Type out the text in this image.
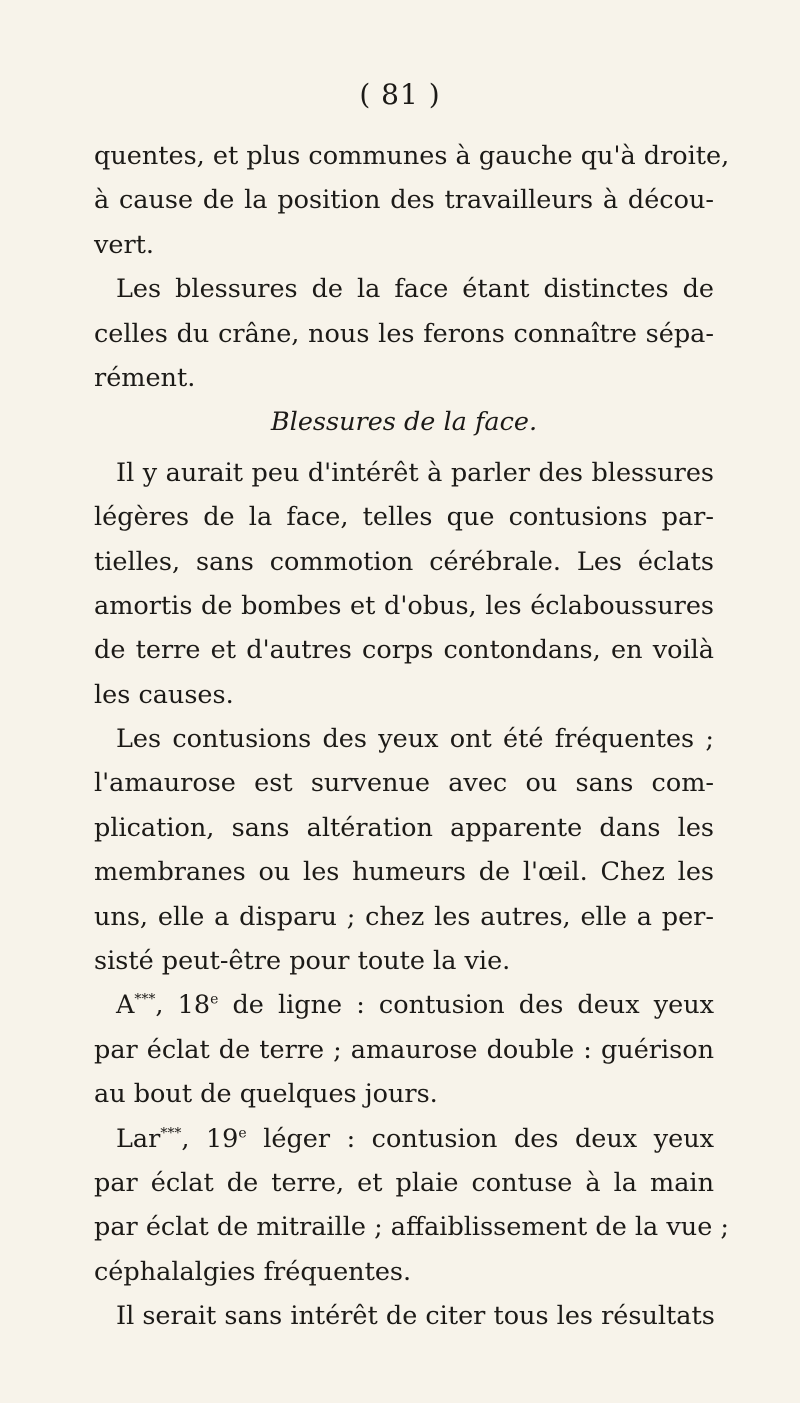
( 81 )
quentes, et plus communes à gauche qu'à droite,
à cause de la position des travailleurs à décou-
vert.
Les blessures de la face étant distinctes de
celles du crâne, nous les ferons connaître sépa-
rément.
Blessures de la face.
Il y aurait peu d'intérêt à parler des blessures
légères de la face, telles que contusions par-
tielles, sans commotion cérébrale. Les éclats
amortis de bombes et d'obus, les éclaboussures
de terre et d'autres corps contondans, en voilà
les causes.
Les contusions des yeux ont été fréquentes ;
l'amaurose est survenue avec ou sans com-
plication, sans altération apparente dans les
membranes ou les humeurs de l'œil. Chez les
uns, elle a disparu ; chez les autres, elle a per-
sisté peut-être pour toute la vie.
A***, 18e de ligne : contusion des deux yeux
par éclat de terre ; amaurose double : guérison
au bout de quelques jours.
Lar***, 19e léger : contusion des deux yeux
par éclat de terre, et plaie contuse à la main
par éclat de mitraille ; affaiblissement de la vue ;
céphalalgies fréquentes.
Il serait sans intérêt de citer tous les résultats
